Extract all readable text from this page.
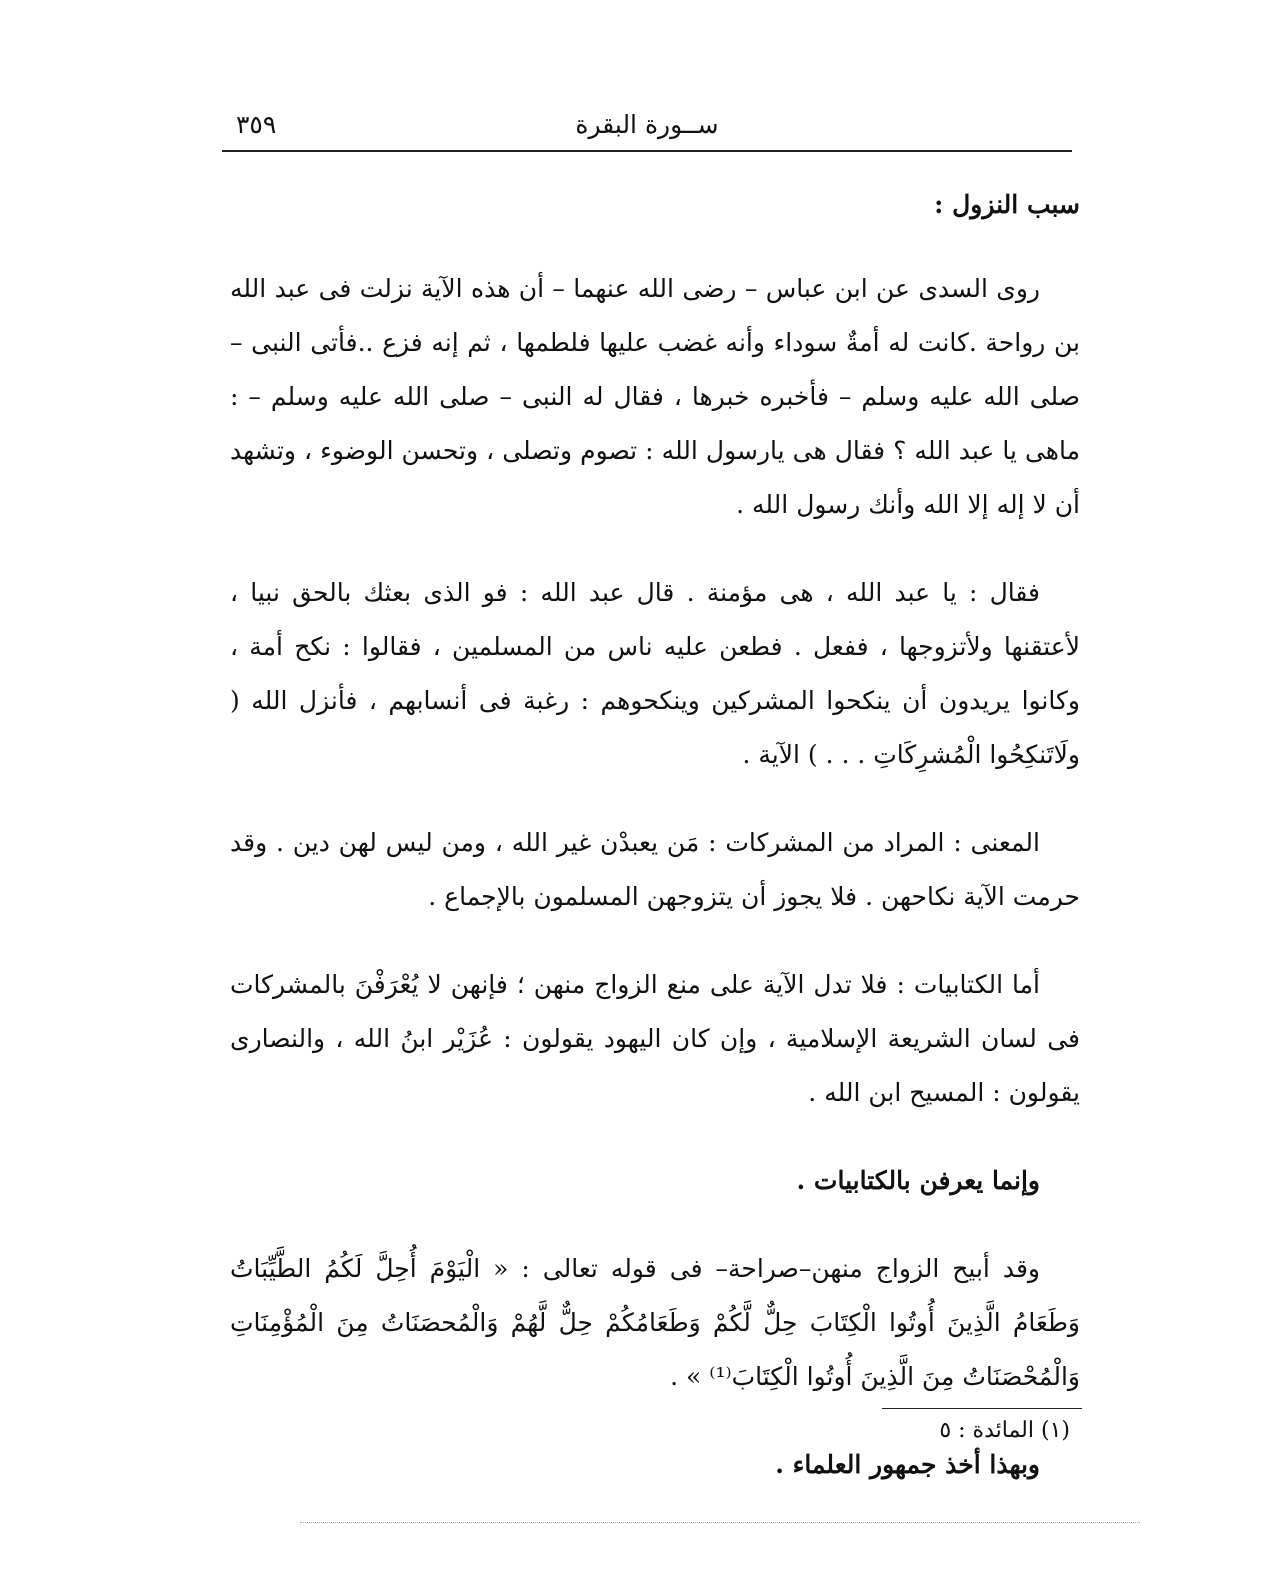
ســورة البقرة
٣٥٩

سبب النزول :

روى السدى عن ابن عباس – رضى الله عنهما – أن هذه الآية نزلت فى عبد الله بن رواحة .كانت له أمةٌ سوداء وأنه غضب عليها فلطمها ، ثم إنه فزع ..فأتى النبى – صلى الله عليه وسلم – فأخبره خبرها ، فقال له النبى – صلى الله عليه وسلم – : ماهى يا عبد الله ؟ فقال هى يارسول الله : تصوم وتصلى ، وتحسن الوضوء ، وتشهد أن لا إله إلا الله وأنك رسول الله .

فقال : يا عبد الله ، هى مؤمنة . قال عبد الله : فو الذى بعثك بالحق نبيا ، لأعتقنها ولأتزوجها ، ففعل . فطعن عليه ناس من المسلمين ، فقالوا : نكح أمة ، وكانوا يريدون أن ينكحوا المشركين وينكحوهم : رغبة فى أنسابهم ، فأنزل الله ( ولَاتَنكِحُوا الْمُشرِكَاتِ . . . ) الآية .

المعنى : المراد من المشركات : مَن يعبدْن غير الله ، ومن ليس لهن دين . وقد حرمت الآية نكاحهن . فلا يجوز أن يتزوجهن المسلمون بالإجماع .

أما الكتابيات : فلا تدل الآية على منع الزواج منهن ؛ فإنهن لا يُعْرَفْنَ بالمشركات فى لسان الشريعة الإسلامية ، وإن كان اليهود يقولون : عُزَيْر ابنُ الله ، والنصارى يقولون : المسيح ابن الله .

وإنما يعرفن بالكتابيات .

وقد أبيح الزواج منهن–صراحة– فى قوله تعالى : « الْيَوْمَ أُحِلَّ لَكُمُ الطَّيِّبَاتُ وَطَعَامُ الَّذِينَ أُوتُوا الْكِتَابَ حِلٌّ لَّكُمْ وَطَعَامُكُمْ حِلٌّ لَّهُمْ وَالْمُحصَنَاتُ مِنَ الْمُؤْمِنَاتِ وَالْمُحْصَنَاتُ مِنَ الَّذِينَ أُوتُوا الْكِتَابَ⁽¹⁾ » .

وبهذا أخذ جمهور العلماء .

(١) المائدة : ٥
